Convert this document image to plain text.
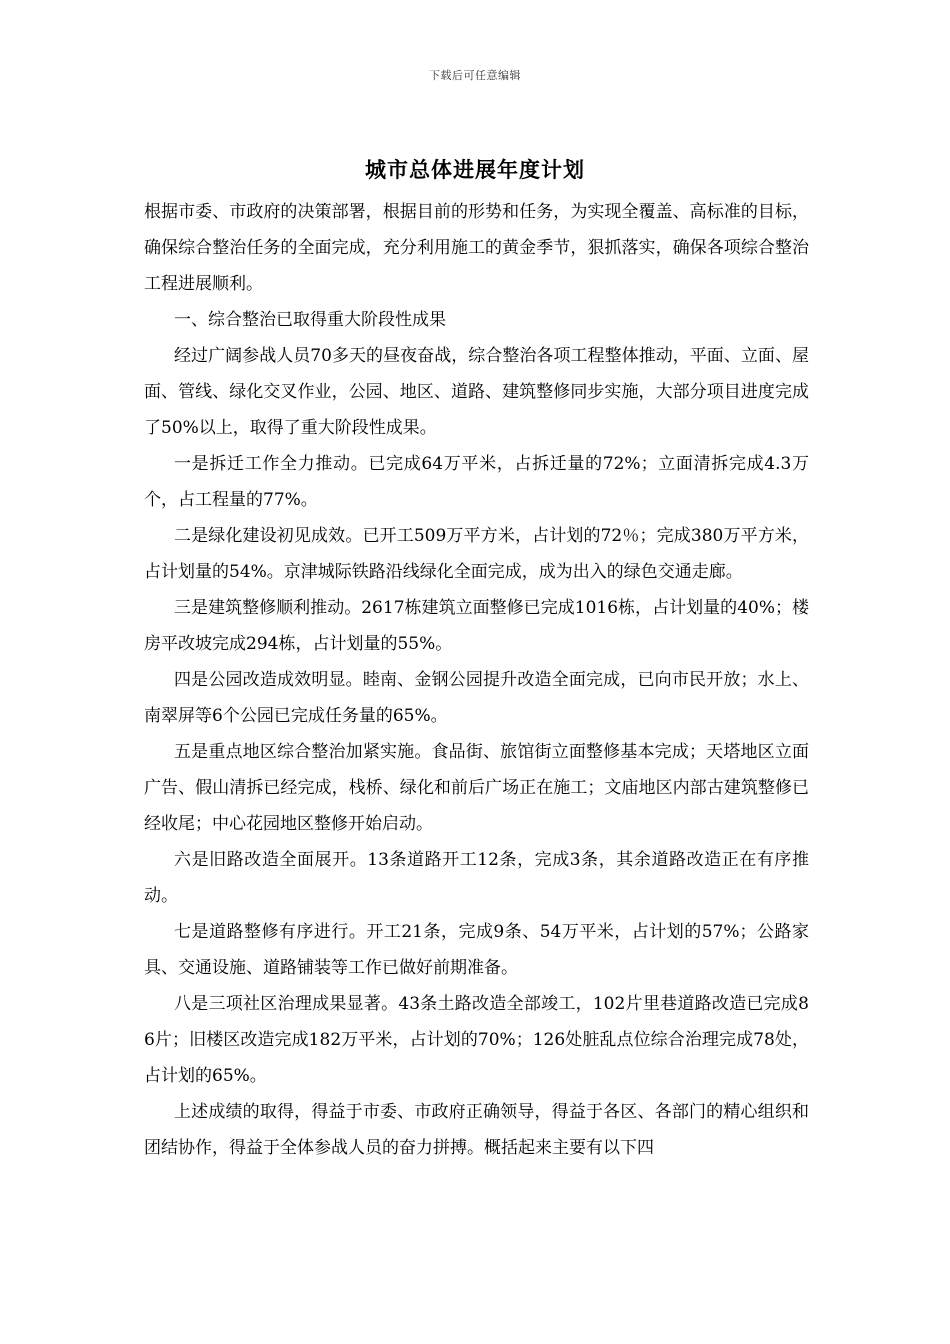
下载后可任意编辑
城市总体进展年度计划

根据市委、市政府的决策部署，根据目前的形势和任务，为实现全覆盖、高标准的目标，确保综合整治任务的全面完成，充分利用施工的黄金季节，狠抓落实，确保各项综合整治工程进展顺利。

一、综合整治已取得重大阶段性成果

经过广阔参战人员70多天的昼夜奋战，综合整治各项工程整体推动，平面、立面、屋面、管线、绿化交叉作业，公园、地区、道路、建筑整修同步实施，大部分项目进度完成了50%以上，取得了重大阶段性成果。

一是拆迁工作全力推动。已完成64万平米，占拆迁量的72%；立面清拆完成4.3万个，占工程量的77%。

二是绿化建设初见成效。已开工509万平方米，占计划的72％；完成380万平方米，占计划量的54%。京津城际铁路沿线绿化全面完成，成为出入的绿色交通走廊。

三是建筑整修顺利推动。2617栋建筑立面整修已完成1016栋，占计划量的40%；楼房平改坡完成294栋，占计划量的55%。

四是公园改造成效明显。睦南、金钢公园提升改造全面完成，已向市民开放；水上、南翠屏等6个公园已完成任务量的65%。

五是重点地区综合整治加紧实施。食品街、旅馆街立面整修基本完成；天塔地区立面广告、假山清拆已经完成，栈桥、绿化和前后广场正在施工；文庙地区内部古建筑整修已经收尾；中心花园地区整修开始启动。

六是旧路改造全面展开。13条道路开工12条，完成3条，其余道路改造正在有序推动。

七是道路整修有序进行。开工21条，完成9条、54万平米，占计划的57%；公路家具、交通设施、道路铺装等工作已做好前期准备。

八是三项社区治理成果显著。43条土路改造全部竣工，102片里巷道路改造已完成86片；旧楼区改造完成182万平米，占计划的70%；126处脏乱点位综合治理完成78处，占计划的65%。

上述成绩的取得，得益于市委、市政府正确领导，得益于各区、各部门的精心组织和团结协作，得益于全体参战人员的奋力拼搏。概括起来主要有以下四
